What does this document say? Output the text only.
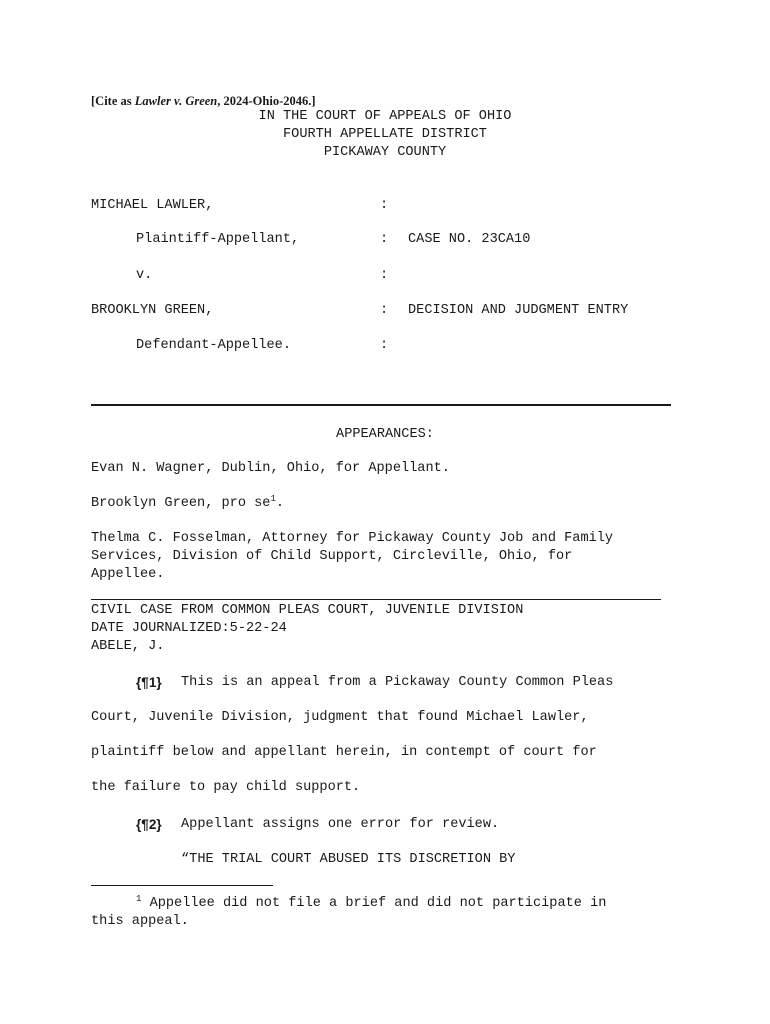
[Cite as Lawler v. Green, 2024-Ohio-2046.]
IN THE COURT OF APPEALS OF OHIO
FOURTH APPELLATE DISTRICT
PICKAWAY COUNTY
MICHAEL LAWLER,	:
Plaintiff-Appellant,	: CASE NO. 23CA10
v.	:
BROOKLYN GREEN,	: DECISION AND JUDGMENT ENTRY
Defendant-Appellee.	:
APPEARANCES:
Evan N. Wagner, Dublin, Ohio, for Appellant.
Brooklyn Green, pro $se^1$.
Thelma C. Fosselman, Attorney for Pickaway County Job and Family
Services, Division of Child Support, Circleville, Ohio, for
Appellee.
CIVIL CASE FROM COMMON PLEAS COURT, JUVENILE DIVISION
DATE JOURNALIZED:5-22-24
ABELE, J.
{¶1} This is an appeal from a Pickaway County Common Pleas
Court, Juvenile Division, judgment that found Michael Lawler,
plaintiff below and appellant herein, in contempt of court for
the failure to pay child support.
{¶2} Appellant assigns one error for review.
“THE TRIAL COURT ABUSED ITS DISCRETION BY
$^1$ Appellee did not file a brief and did not participate in
this appeal.
